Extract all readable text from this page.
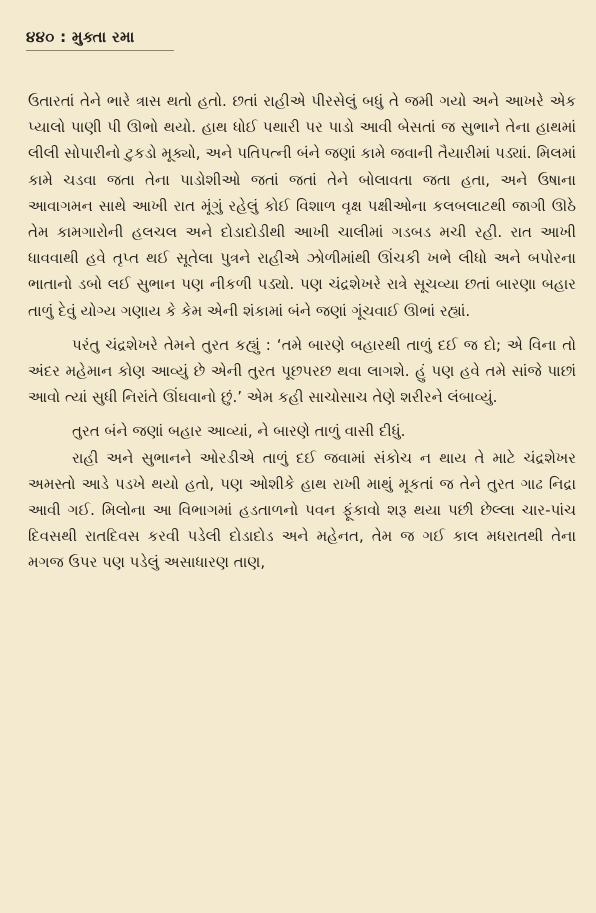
૪૪૦ : મુક્તા રમા

ઉતારતાં તેને ભારે ત્રાસ થતો હતો. છતાં રાહીએ પીરસેલું બધું તે જમી ગયો અને આખરે એક પ્યાલો પાણી પી ઊભો થયો. હાથ ધોઈ પથારી પર પાડો આવી બેસતાં જ સુભાને તેના હાથમાં લીલી સોપારીનો ટુકડો મૂક્યો, અને પતિપત્ની બંને જણાં કામે જવાની તૈયારીમાં પડ્યાં. મિલમાં કામે ચડવા જતા તેના પાડોશીઓ જતાં જતાં તેને બોલાવતા જતા હતા, અને ઉષાના આવાગમન સાથે આખી રાત મૂંગું રહેલું કોઈ વિશાળ વૃક્ષ પક્ષીઓના કલબલાટથી જાગી ઊઠે તેમ કામગારોની હલચલ અને દોડાદોડીથી આખી ચાલીમાં ગડબડ મચી રહી. રાત આખી ધાવવાથી હવે તૃપ્ત થઈ સૂતેલા પુત્રને રાહીએ ઝોળીમાંથી ઊંચકી ખભે લીધો અને બપોરના ભાતાનો ડબો લઈ સુભાન પણ નીકળી પડ્યો. પણ ચંદ્રશેખરે રાત્રે સૂચવ્યા છતાં બારણા બહાર તાળું દેવું યોગ્ય ગણાય કે કેમ એની શંકામાં બંને જણાં ગૂંચવાઈ ઊભાં રહ્યાં.

પરંતુ ચંદ્રશેખરે તેમને તુરત કહ્યું : ‘તમે બારણે બહારથી તાળું દઈ જ દો; એ વિના તો અંદર મહેમાન કોણ આવ્યું છે એની તુરત પૂછપરછ થવા લાગશે. હું પણ હવે તમે સાંજે પાછાં આવો ત્યાં સુધી નિરાંતે ઊંઘવાનો છું.’ એમ કહી સાચોસાચ તેણે શરીરને લંબાવ્યું.

તુરત બંને જણાં બહાર આવ્યાં, ને બારણે તાળું વાસી દીધું.

રાહી અને સુભાનને ઓરડીએ તાળું દઈ જવામાં સંકોચ ન થાય તે માટે ચંદ્રશેખર અમસ્તો આડે પડખે થયો હતો, પણ ઓશીકે હાથ રાખી માથું મૂકતાં જ તેને તુરત ગાઢ નિદ્રા આવી ગઈ. મિલોના આ વિભાગમાં હડતાળનો પવન ફૂંકાવો શરૂ થયા પછી છેલ્લા ચાર-પાંચ દિવસથી રાતદિવસ કરવી પડેલી દોડાદોડ અને મહેનત, તેમ જ ગઈ કાલ મધરાતથી તેના મગજ ઉપર પણ પડેલું અસાધારણ તાણ,
